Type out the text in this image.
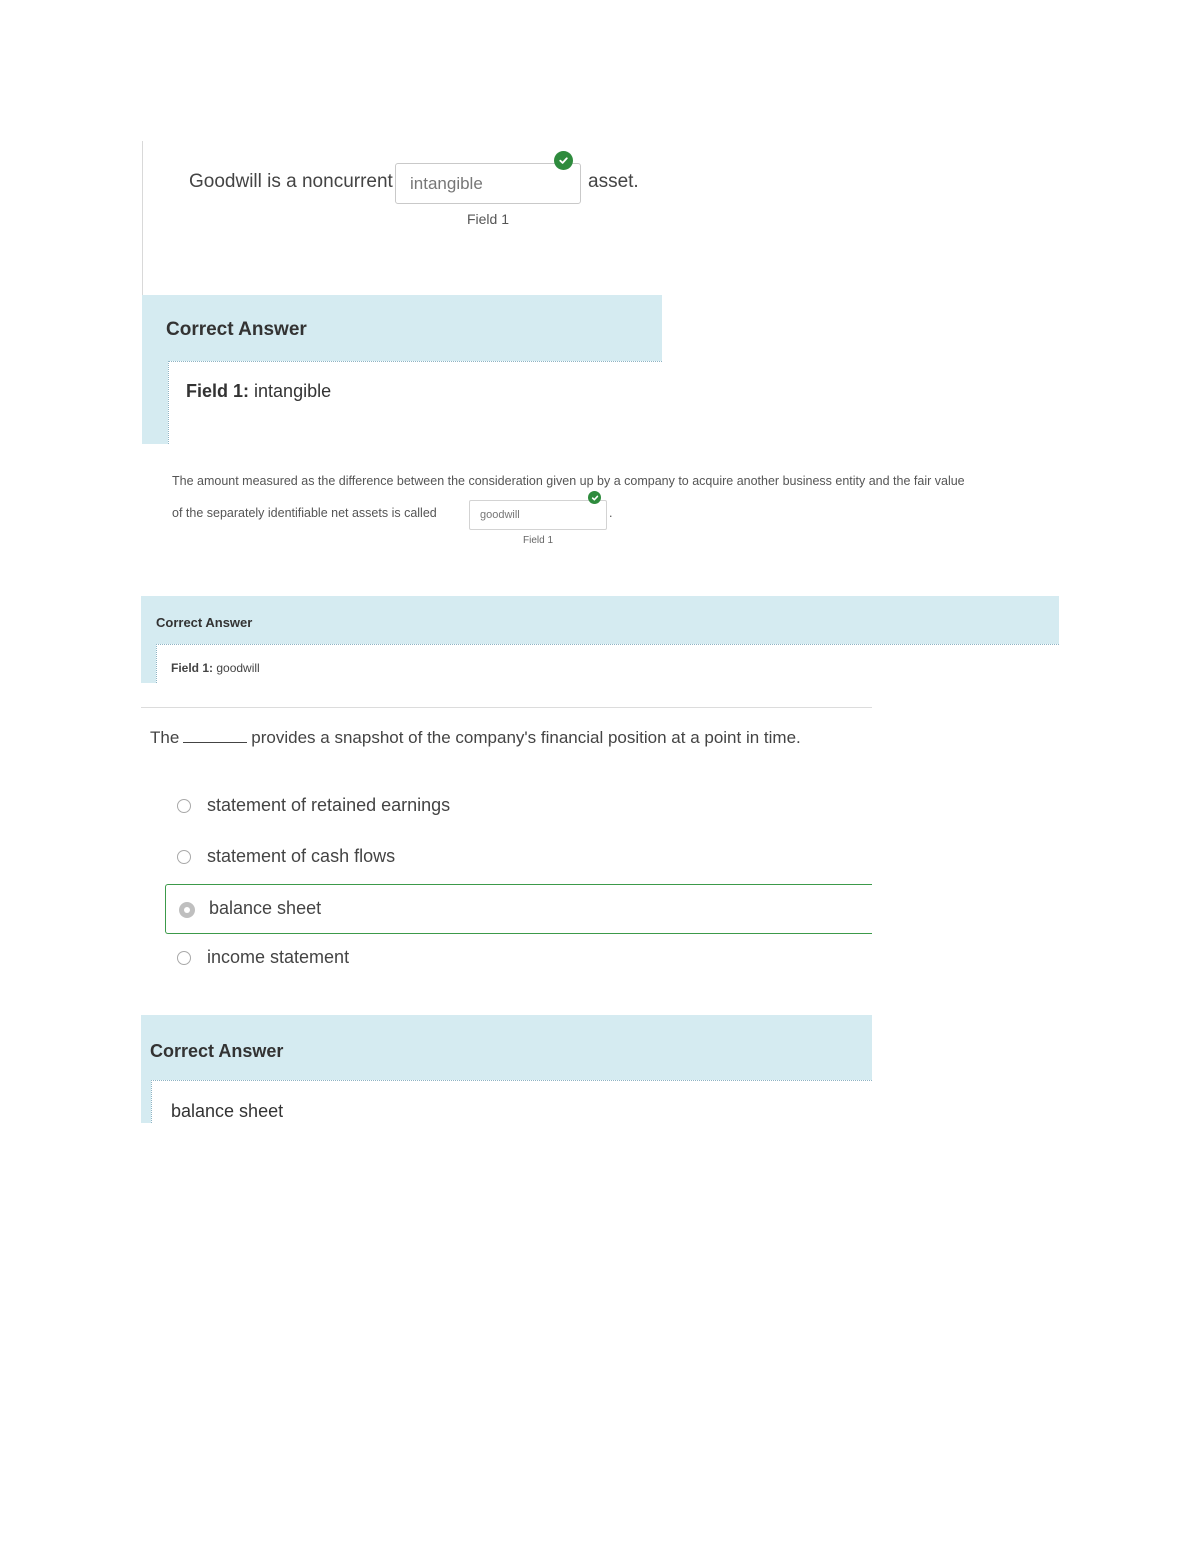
Goodwill is a noncurrent
intangible	asset.
Field 1
Correct Answer
Field 1: intangible
The amount measured as the difference between the consideration given up by a company to acquire another business entity and the fair value
of the separately identifiable net assets is called
goodwill	.
Field 1
Correct Answer
Field 1: goodwill
The	provides a snapshot of the company's financial position at a point in time.
statement of retained earnings
statement of cash flows
balance sheet
income statement
Correct Answer
balance sheet
